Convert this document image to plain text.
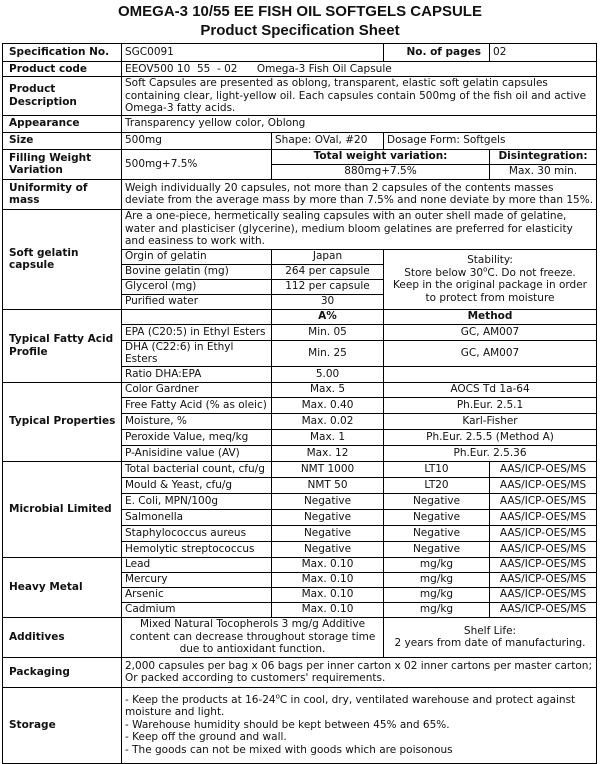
OMEGA-3 10/55 EE FISH OIL SOFTGELS CAPSULE
Product Specification Sheet
Specification No.	SGC0091		No. of pages	02
Product code	EEOV500 10  55  - 02 Omega-3 Fish Oil Capsule			
Product Description	Soft Capsules are presented as oblong, transparent, elastic soft gelatin capsules containing clear, light-yellow oil. Each capsules contain 500mg of the fish oil and active Omega-3 fatty acids.			
Appearance	Transparency yellow color, Oblong			
Size	500mg	Shape: OVal, #20	Dosage Form: Softgels	
Filling Weight Variation	500mg+7.5%	Total weight variation:		Disintegration:
		880mg+7.5%		Max. 30 min.
Uniformity of mass	Weigh individually 20 capsules, not more than 2 capsules of the contents masses deviate from the average mass by more than 7.5% and none deviate by more than 15%.			
Soft gelatin capsule	Are a one-piece, hermetically sealing capsules with an outer shell made of gelatine, water and plasticiser (glycerine), medium bloom gelatines are preferred for elasticity and easiness to work with.			
	Orgin of gelatin	Japan	Stability:
Store below 30$^o$C. Do not freeze.
Keep in the original package in order to protect from moisture	

	Bovine gelatin (mg)	264 per capsule		
	Glycerol (mg)	112 per capsule		
	Purified water	30		
Typical Fatty Acid Profile		A%	Method	
	EPA (C20:5) in Ethyl Esters	Min. 05	GC, AM007	
	DHA (C22:6) in Ethyl Esters	Min. 25	GC, AM007	
	Ratio DHA:EPA	5.00		
Typical Properties	Color Gardner	Max. 5	AOCS Td 1a-64	
	Free Fatty Acid (% as oleic)	Max. 0.40	Ph.Eur. 2.5.1	
	Moisture, %	Max. 0.02	Karl-Fisher	
	Peroxide Value, meq/kg	Max. 1	Ph.Eur. 2.5.5 (Method A)	
	P-Anisidine value (AV)	Max. 12	Ph.Eur. 2.5.36	
Microbial Limited	Total bacterial count, cfu/g	NMT 1000	LT10	AAS/ICP-OES/MS
	Mould & Yeast, cfu/g	NMT 50	LT20	AAS/ICP-OES/MS
	E. Coli, MPN/100g	Negative	Negative	AAS/ICP-OES/MS
	Salmonella	Negative	Negative	AAS/ICP-OES/MS
	Staphylococcus aureus	Negative	Negative	AAS/ICP-OES/MS
	Hemolytic streptococcus	Negative	Negative	AAS/ICP-OES/MS
Heavy Metal	Lead	Max. 0.10	mg/kg	AAS/ICP-OES/MS
	Mercury	Max. 0.10	mg/kg	AAS/ICP-OES/MS
	Arsenic	Max. 0.10	mg/kg	AAS/ICP-OES/MS
	Cadmium	Max. 0.10	mg/kg	AAS/ICP-OES/MS
Additives	Mixed Natural Tocopherols 3 mg/g Additive content can decrease throughout storage time due to antioxidant function.		Shelf Life:
2 years from date of manufacturing.	

Packaging	2,000 capsules per bag x 06 bags per inner carton x 02 inner cartons per master carton;
Or packed according to customers' requirements.			

Storage	- Keep the products at 16-24$^o$C in cool, dry, ventilated warehouse and protect against moisture and light.
- Warehouse humidity should be kept between 45% and 65%.
- Keep off the ground and wall.
- The goods can not be mixed with goods which are poisonous			
